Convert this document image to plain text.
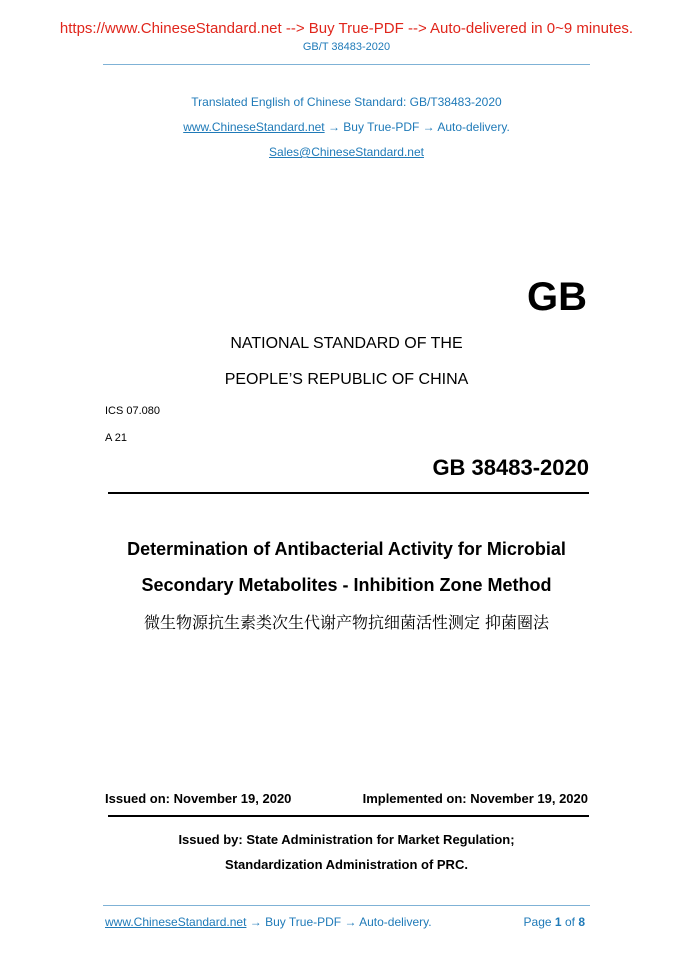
https://www.ChineseStandard.net --> Buy True-PDF --> Auto-delivered in 0~9 minutes.
GB/T 38483-2020
Translated English of Chinese Standard: GB/T38483-2020
www.ChineseStandard.net → Buy True-PDF → Auto-delivery.
Sales@ChineseStandard.net
GB
NATIONAL STANDARD OF THE
PEOPLE’S REPUBLIC OF CHINA
ICS 07.080
A 21
GB 38483-2020
Determination of Antibacterial Activity for Microbial
Secondary Metabolites - Inhibition Zone Method
微生物源抗生素类次生代谢产物抗细菌活性测定 抑菌圈法
Issued on: November 19, 2020	Implemented on: November 19, 2020
Issued by: State Administration for Market Regulation;
Standardization Administration of PRC.
www.ChineseStandard.net → Buy True-PDF → Auto-delivery.	Page 1 of 8
